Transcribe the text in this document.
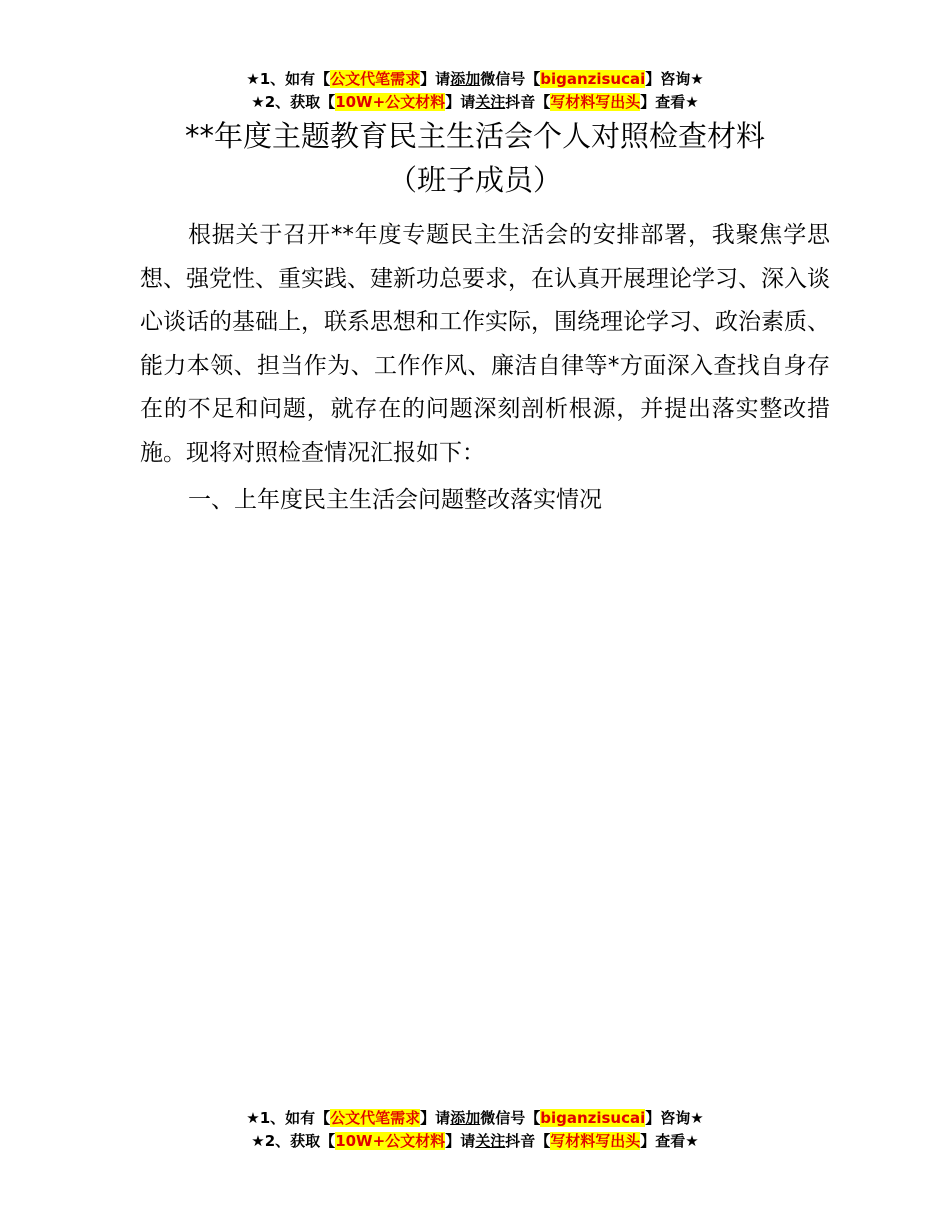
★1、如有【公文代笔需求】请添加微信号【biganzisucai】咨询★
★2、获取【10W+公文材料】请关注抖音【写材料写出头】查看★
**年度主题教育民主生活会个人对照检查材料
（班子成员）

根据关于召开**年度专题民主生活会的安排部署，我聚焦学思想、强党性、重实践、建新功总要求，在认真开展理论学习、深入谈心谈话的基础上，联系思想和工作实际，围绕理论学习、政治素质、能力本领、担当作为、工作作风、廉洁自律等*方面深入查找自身存在的不足和问题，就存在的问题深刻剖析根源，并提出落实整改措施。现将对照检查情况汇报如下：

一、上年度民主生活会问题整改落实情况

★1、如有【公文代笔需求】请添加微信号【biganzisucai】咨询★
★2、获取【10W+公文材料】请关注抖音【写材料写出头】查看★
